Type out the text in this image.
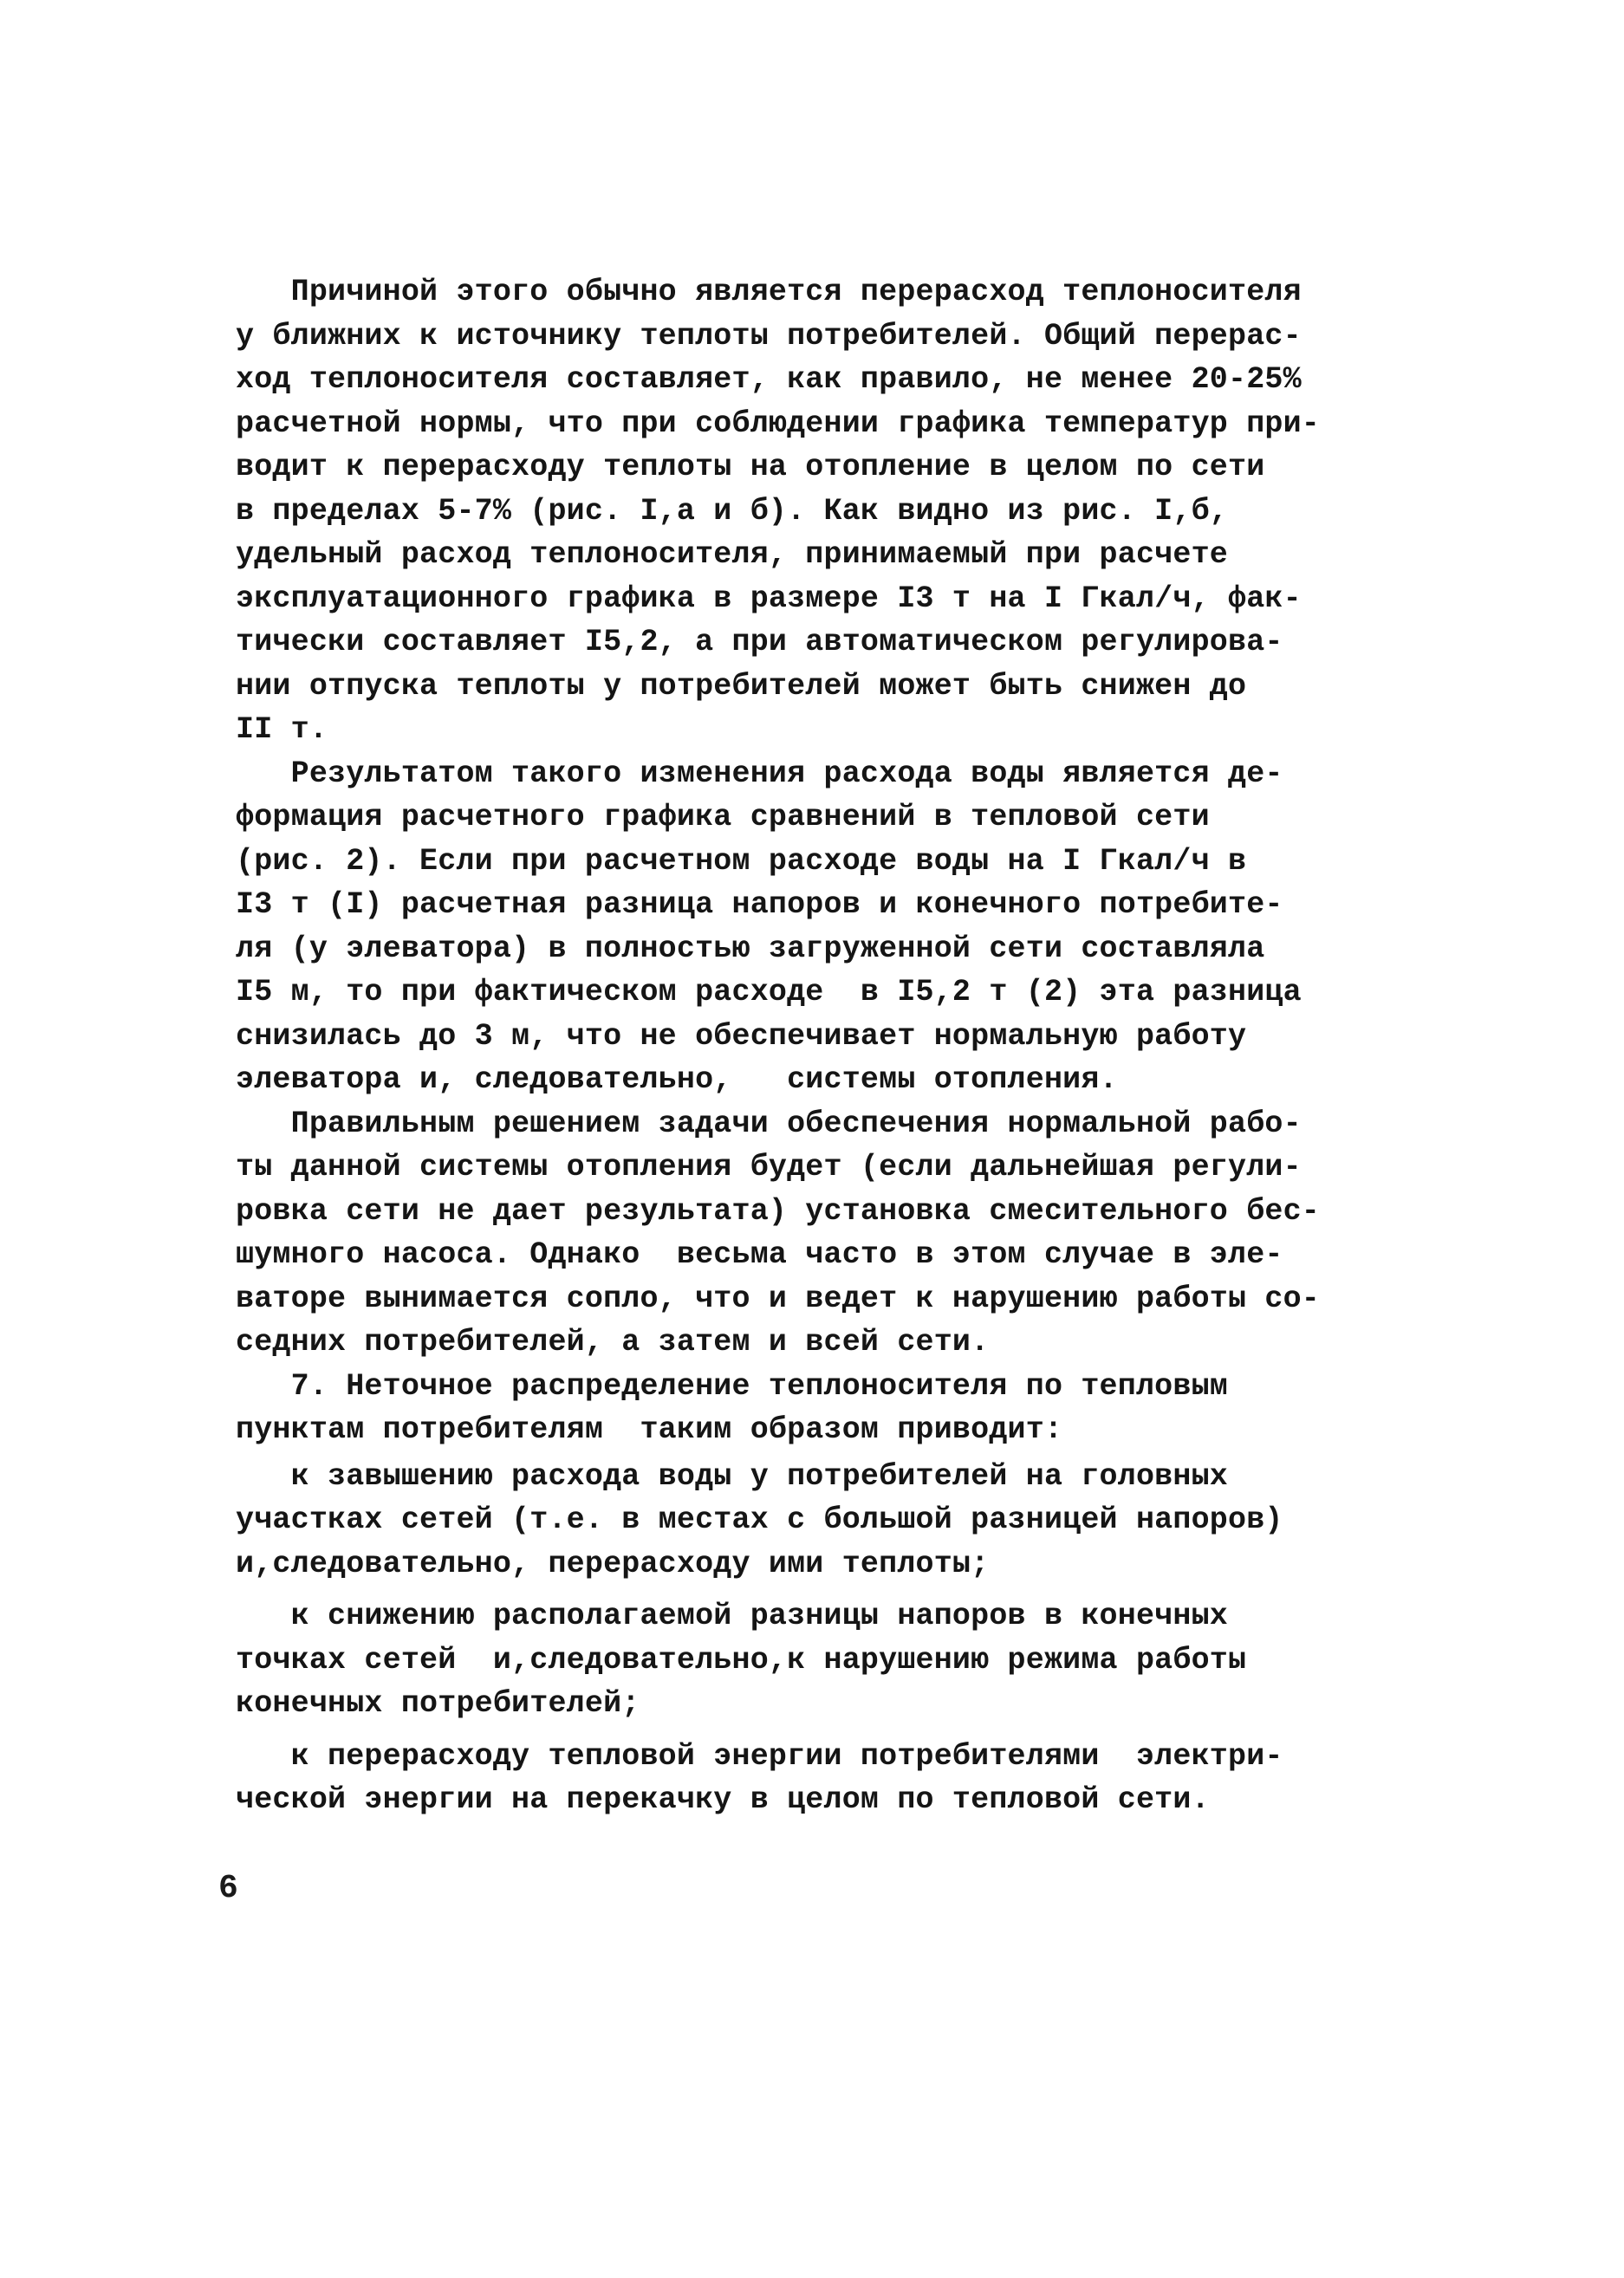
Причиной этого обычно является перерасход теплоносителя
у ближних к источнику теплоты потребителей. Общий перерас-
ход теплоносителя составляет, как правило, не менее 20-25%
расчетной нормы, что при соблюдении графика температур при-
водит к перерасходу теплоты на отопление в целом по сети
в пределах 5-7% (рис. I,а и б). Как видно из рис. I,б,
удельный расход теплоносителя, принимаемый при расчете
эксплуатационного графика в размере I3 т на I Гкал/ч, фак-
тически составляет I5,2, а при автоматическом регулирова-
нии отпуска теплоты у потребителей может быть снижен до
II т.
Результатом такого изменения расхода воды является де-
формация расчетного графика сравнений в тепловой сети
(рис. 2). Если при расчетном расходе воды на I Гкал/ч в
I3 т (I) расчетная разница напоров и конечного потребите-
ля (у элеватора) в полностью загруженной сети составляла
I5 м, то при фактическом расходе  в I5,2 т (2) эта разница
снизилась до 3 м, что не обеспечивает нормальную работу
элеватора и, следовательно,   системы отопления.
Правильным решением задачи обеспечения нормальной рабо-
ты данной системы отопления будет (если дальнейшая регули-
ровка сети не дает результата) установка смесительного бес-
шумного насоса. Однако  весьма часто в этом случае в эле-
ваторе вынимается сопло, что и ведет к нарушению работы со-
седних потребителей, а затем и всей сети.
7. Неточное распределение теплоносителя по тепловым
пунктам потребителям  таким образом приводит:
к завышению расхода воды у потребителей на головных
участках сетей (т.е. в местах с большой разницей напоров)
и,следовательно, перерасходу ими теплоты;
к снижению располагаемой разницы напоров в конечных
точках сетей  и,следовательно,к нарушению режима работы
конечных потребителей;
к перерасходу тепловой энергии потребителями  электри-
ческой энергии на перекачку в целом по тепловой сети.
6
